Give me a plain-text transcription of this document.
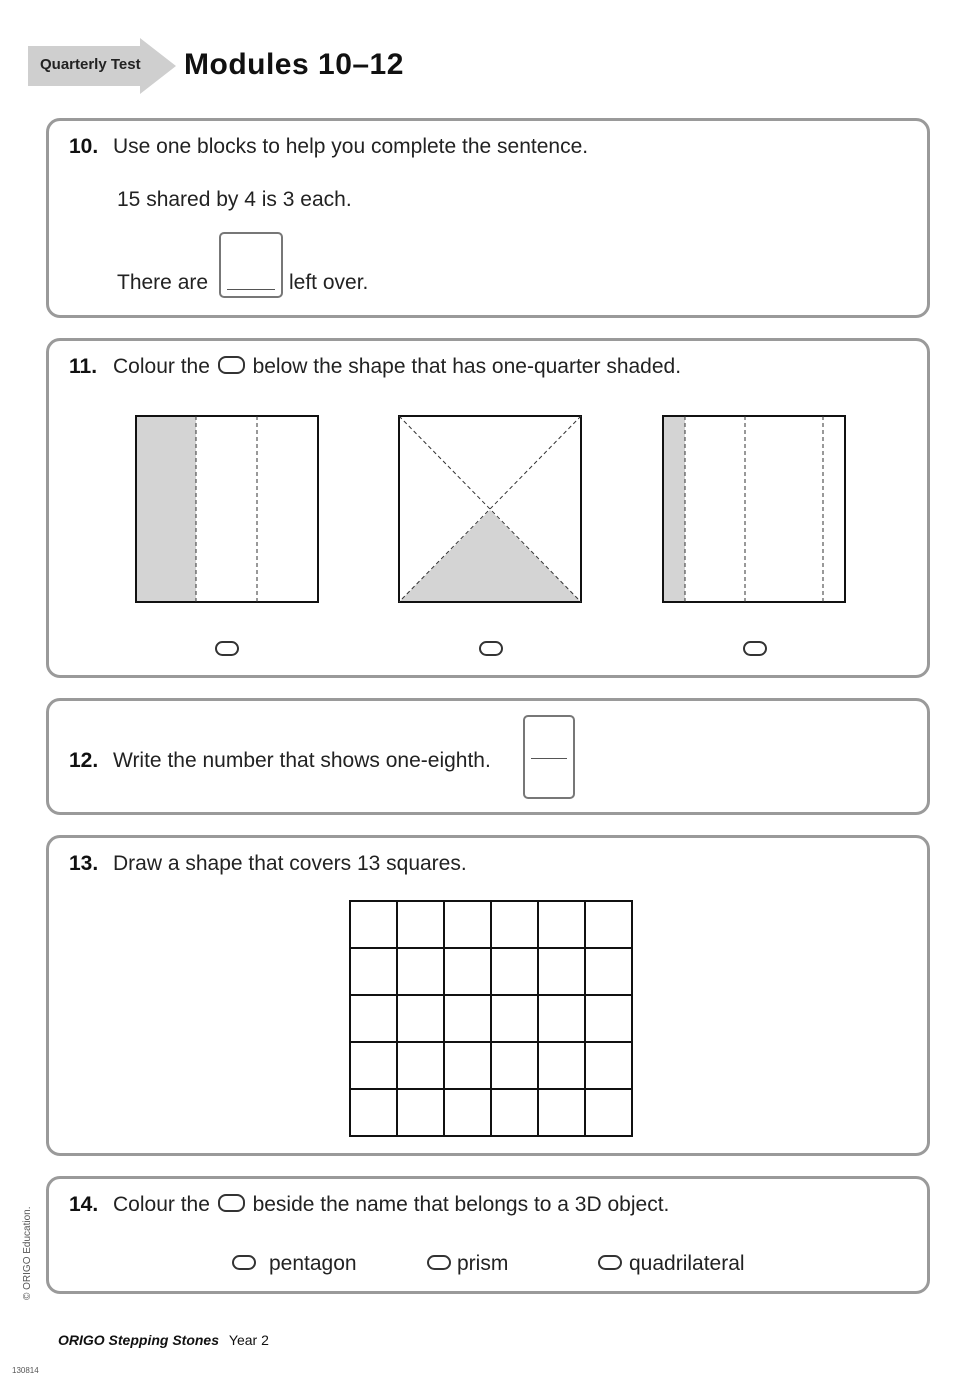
Quarterly Test Modules 10–12
10. Use one blocks to help you complete the sentence.
15 shared by 4 is 3 each.
There are	left over.
11. Colour the below the shape that has one-quarter shaded.
12. Write the number that shows one-eighth.
13. Draw a shape that covers 13 squares.

14. Colour the beside the name that belongs to a 3D object.
pentagon	prism	quadrilateral
ORIGO Stepping Stones Year 2
© ORIGO Education.
130814
